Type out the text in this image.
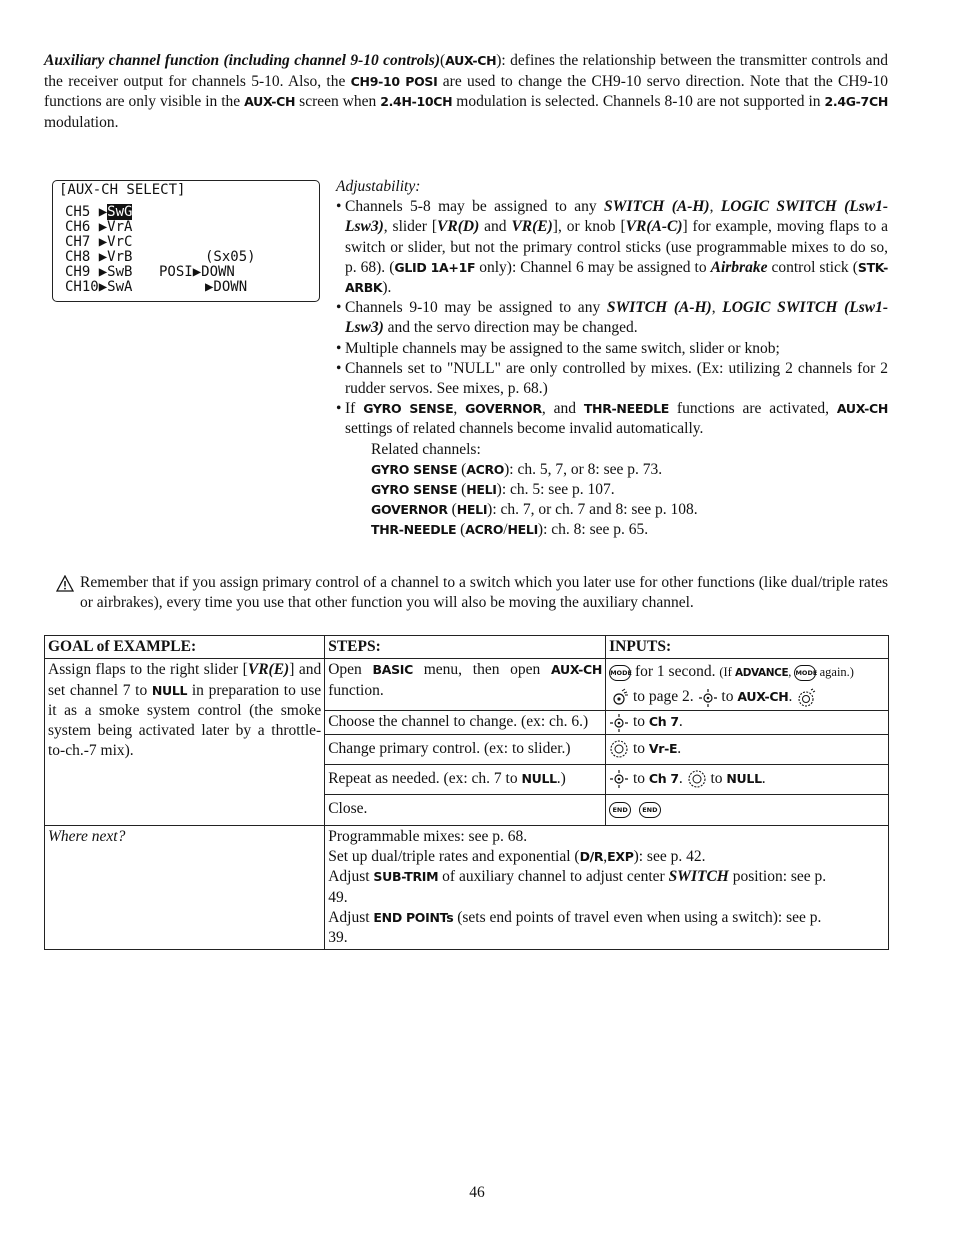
Auxiliary channel function (including channel 9-10 controls)(AUX-CH): defines the relationship between the transmitter controls and the receiver output for channels 5-10. Also, the CH9-10 POSI are used to change the CH9-10 servo direction. Note that the CH9-10 functions are only visible in the AUX-CH screen when 2.4H-10CH modulation is selected. Channels 8-10 are not supported in 2.4G-7CH modulation.
[AUX-CH SELECT]
CH5 ▶SwG
CH6 ▶VrA
CH7 ▶VrC
CH8 ▶VrB	(Sx05)
CH9 ▶SwB POSI▶DOWN
CH10▶SwA	▶DOWN
Adjustability:
• Channels 5-8 may be assigned to any SWITCH (A-H), LOGIC SWITCH (Lsw1-Lsw3), slider [VR(D) and VR(E)], or knob [VR(A-C)] for example, moving flaps to a switch or slider, but not the primary control sticks (use programmable mixes to do so, p. 68). (GLID 1A+1F only): Channel 6 may be assigned to Airbrake control stick (STK-ARBK).
• Channels 9-10 may be assigned to any SWITCH (A-H), LOGIC SWITCH (Lsw1-Lsw3) and the servo direction may be changed.
• Multiple channels may be assigned to the same switch, slider or knob;
• Channels set to "NULL" are only controlled by mixes. (Ex: utilizing 2 channels for 2 rudder servos. See mixes, p. 68.)
• If GYRO SENSE, GOVERNOR, and THR-NEEDLE functions are activated, AUX-CH settings of related channels become invalid automatically.
Related channels:
GYRO SENSE (ACRO): ch. 5, 7, or 8: see p. 73.
GYRO SENSE (HELI): ch. 5: see p. 107.
GOVERNOR (HELI): ch. 7, or ch. 7 and 8: see p. 108.
THR-NEEDLE (ACRO/HELI): ch. 8: see p. 65.
Remember that if you assign primary control of a channel to a switch which you later use for other functions (like dual/triple rates or airbrakes), every time you use that other function you will also be moving the auxiliary channel.
GOAL of EXAMPLE:	STEPS:	INPUTS:
Assign flaps to the right slider [VR(E)] and set channel 7 to NULL in preparation to use it as a smoke system control (the smoke system being activated later by a throttle-to-ch.-7 mix).	Open BASIC menu, then open AUX-CH function.	MODE for 1 second. (If ADVANCE, MODE again.)
to page 2.  to AUX-CH.
	Choose the channel to change. (ex: ch. 6.)	to Ch 7.
	Change primary control. (ex: to slider.)	to Vr-E.
	Repeat as needed. (ex: ch. 7 to NULL.)	to Ch 7.  to NULL.
	Close.	END END
Where next?	Programmable mixes: see p. 68.
Set up dual/triple rates and exponential (D/R,EXP): see p. 42.
Adjust SUB-TRIM of auxiliary channel to adjust center SWITCH position: see p. 49.
Adjust END POINTs (sets end points of travel even when using a switch): see p. 39.	
46
